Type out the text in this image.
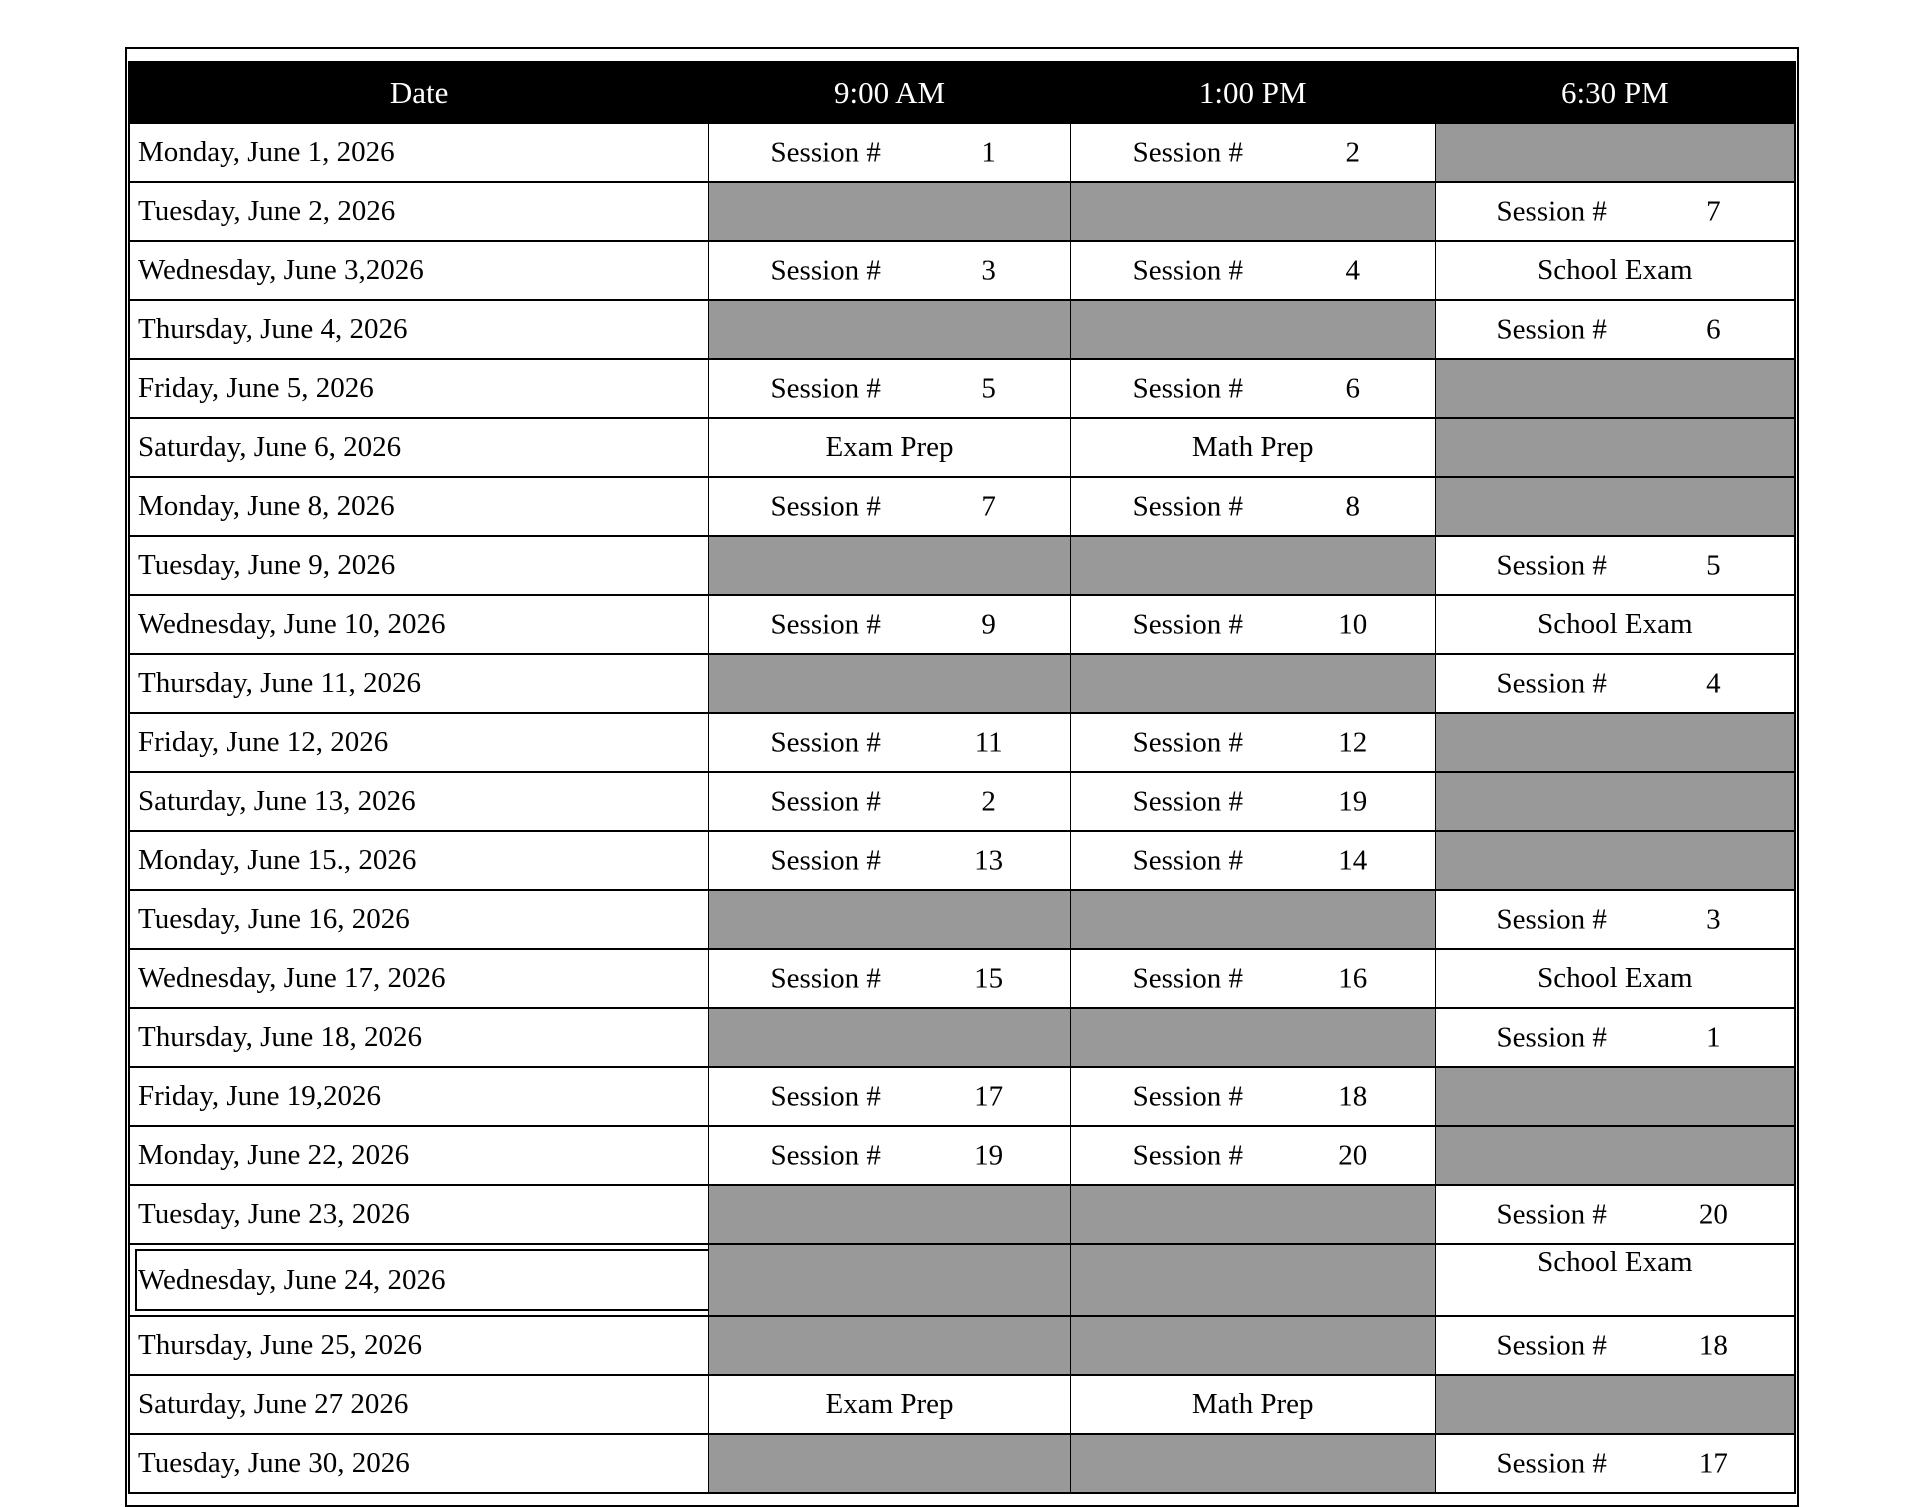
Date	9:00 AM	1:00 PM	6:30 PM
Monday, June 1, 2026	Session # 1	Session # 2	

Tuesday, June 2, 2026			Session # 7

Wednesday, June 3,2026	Session # 3	Session # 4	School Exam
Thursday, June 4, 2026			Session # 6

Friday, June 5, 2026	Session # 5	Session # 6	

Saturday, June 6, 2026	Exam Prep	Math Prep	
Monday, June 8, 2026	Session # 7	Session # 8	

Tuesday, June 9, 2026			Session # 5

Wednesday, June 10, 2026	Session # 9	Session # 10	School Exam
Thursday, June 11, 2026			Session # 4

Friday, June 12, 2026	Session # 11	Session # 12	

Saturday, June 13, 2026	Session # 2	Session # 19	

Monday, June 15., 2026	Session # 13	Session # 14	

Tuesday, June 16, 2026			Session # 3

Wednesday, June 17, 2026	Session # 15	Session # 16	School Exam
Thursday, June 18, 2026			Session # 1

Friday, June 19,2026	Session # 17	Session # 18	

Monday, June 22, 2026	Session # 19	Session # 20	

Tuesday, June 23, 2026			Session # 20

Wednesday, June 24, 2026			School Exam
Thursday, June 25, 2026			Session # 18

Saturday, June 27 2026	Exam Prep	Math Prep	
Tuesday, June 30, 2026			Session # 17
